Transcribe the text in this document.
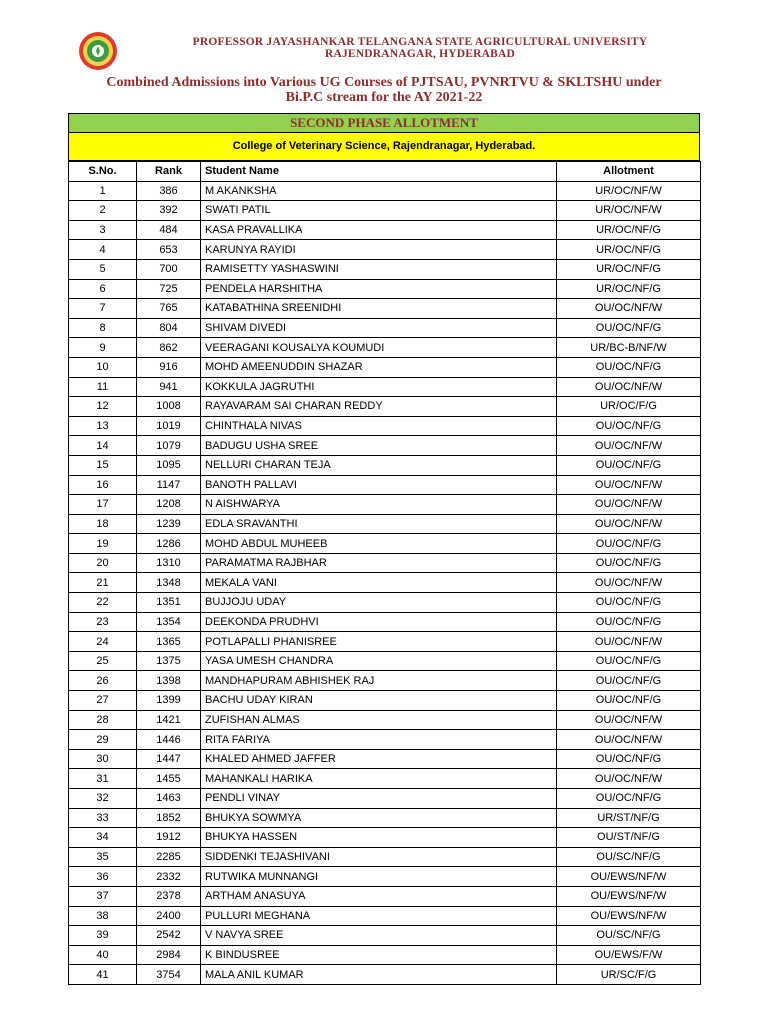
PROFESSOR JAYASHANKAR TELANGANA STATE AGRICULTURAL UNIVERSITY
RAJENDRANAGAR, HYDERABAD
Combined Admissions into Various UG Courses of PJTSAU, PVNRTVU & SKLTSHU under
Bi.P.C stream for the AY 2021-22
SECOND PHASE ALLOTMENT
College of Veterinary Science, Rajendranagar, Hyderabad.
S.No.	Rank	Student Name	Allotment
1	386	M AKANKSHA	UR/OC/NF/W
2	392	SWATI PATIL	UR/OC/NF/W
3	484	KASA PRAVALLIKA	UR/OC/NF/G
4	653	KARUNYA RAYIDI	UR/OC/NF/G
5	700	RAMISETTY YASHASWINI	UR/OC/NF/G
6	725	PENDELA HARSHITHA	UR/OC/NF/G
7	765	KATABATHINA SREENIDHI	OU/OC/NF/W
8	804	SHIVAM DIVEDI	OU/OC/NF/G
9	862	VEERAGANI KOUSALYA KOUMUDI	UR/BC-B/NF/W
10	916	MOHD AMEENUDDIN SHAZAR	OU/OC/NF/G
11	941	KOKKULA JAGRUTHI	OU/OC/NF/W
12	1008	RAYAVARAM SAI CHARAN REDDY	UR/OC/F/G
13	1019	CHINTHALA NIVAS	OU/OC/NF/G
14	1079	BADUGU USHA SREE	OU/OC/NF/W
15	1095	NELLURI CHARAN TEJA	OU/OC/NF/G
16	1147	BANOTH PALLAVI	OU/OC/NF/W
17	1208	N AISHWARYA	OU/OC/NF/W
18	1239	EDLA SRAVANTHI	OU/OC/NF/W
19	1286	MOHD ABDUL MUHEEB	OU/OC/NF/G
20	1310	PARAMATMA RAJBHAR	OU/OC/NF/G
21	1348	MEKALA VANI	OU/OC/NF/W
22	1351	BUJJOJU UDAY	OU/OC/NF/G
23	1354	DEEKONDA PRUDHVI	OU/OC/NF/G
24	1365	POTLAPALLI PHANISREE	OU/OC/NF/W
25	1375	YASA UMESH CHANDRA	OU/OC/NF/G
26	1398	MANDHAPURAM ABHISHEK RAJ	OU/OC/NF/G
27	1399	BACHU UDAY KIRAN	OU/OC/NF/G
28	1421	ZUFISHAN ALMAS	OU/OC/NF/W
29	1446	RITA FARIYA	OU/OC/NF/W
30	1447	KHALED AHMED JAFFER	OU/OC/NF/G
31	1455	MAHANKALI HARIKA	OU/OC/NF/W
32	1463	PENDLI VINAY	OU/OC/NF/G
33	1852	BHUKYA SOWMYA	UR/ST/NF/G
34	1912	BHUKYA HASSEN	OU/ST/NF/G
35	2285	SIDDENKI TEJASHIVANI	OU/SC/NF/G
36	2332	RUTWIKA MUNNANGI	OU/EWS/NF/W
37	2378	ARTHAM ANASUYA	OU/EWS/NF/W
38	2400	PULLURI MEGHANA	OU/EWS/NF/W
39	2542	V NAVYA SREE	OU/SC/NF/G
40	2984	K BINDUSREE	OU/EWS/F/W
41	3754	MALA ANIL KUMAR	UR/SC/F/G
